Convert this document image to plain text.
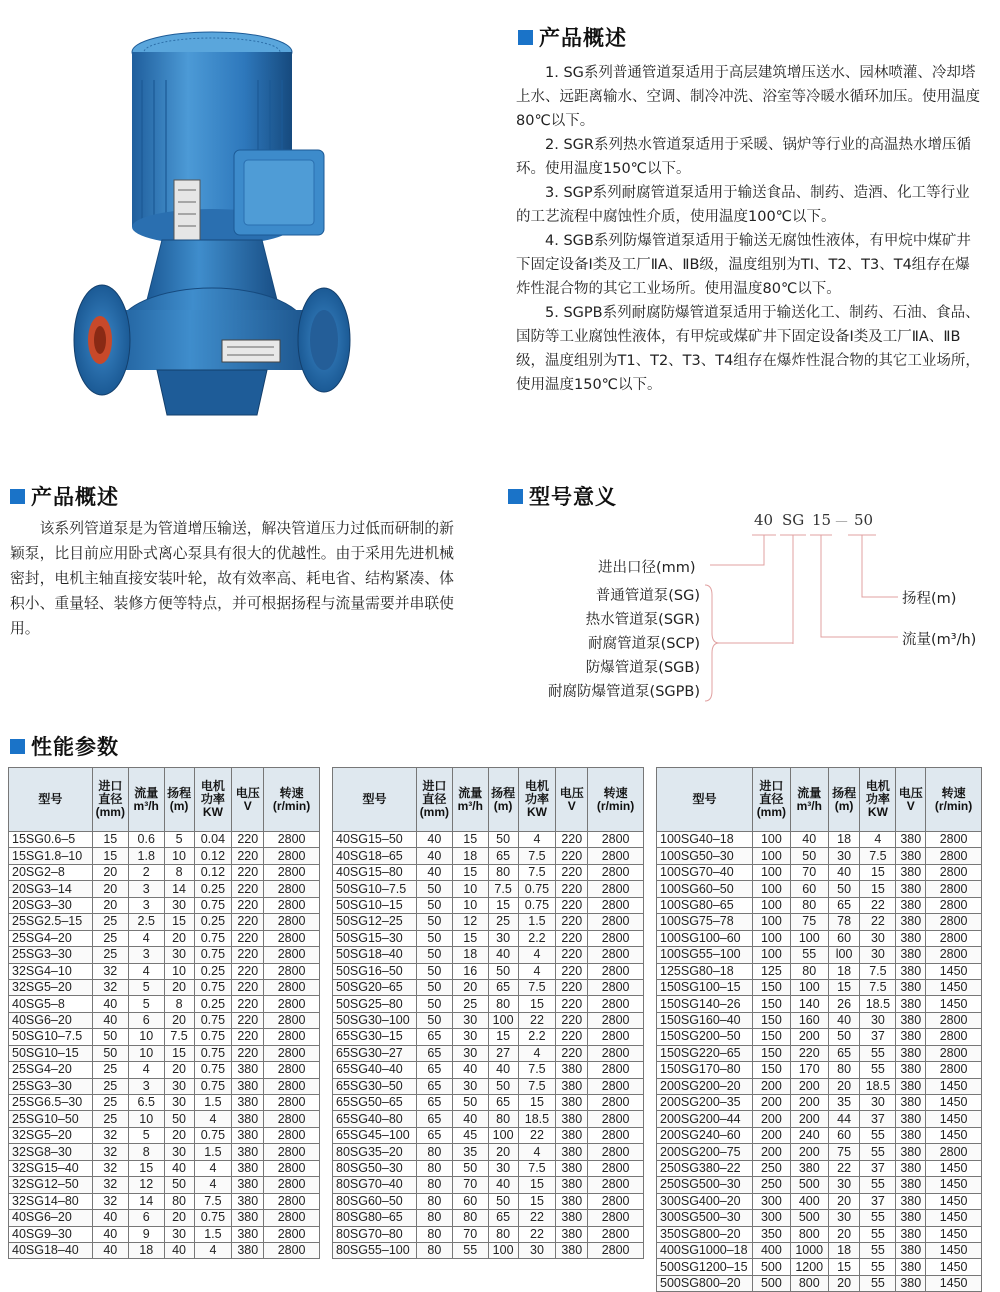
产品概述

1. SG系列普通管道泵适用于高层建筑增压送水、园林喷灌、冷却塔上水、远距离输水、空调、制冷冲洗、浴室等冷暖水循环加压。使用温度80℃以下。

2. SGR系列热水管道泵适用于采暖、锅炉等行业的高温热水增压循环。使用温度150℃以下。

3. SGP系列耐腐管道泵适用于输送食品、制药、造酒、化工等行业的工艺流程中腐蚀性介质，使用温度100℃以下。

4. SGB系列防爆管道泵适用于输送无腐蚀性液体，有甲烷中煤矿井下固定设备Ⅰ类及工厂ⅡA、ⅡB级，温度组别为TⅠ、T2、T3、T4组存在爆炸性混合物的其它工业场所。使用温度80℃以下。

5. SGPB系列耐腐防爆管道泵适用于输送化工、制药、石油、食品、国防等工业腐蚀性液体，有甲烷或煤矿井下固定设备Ⅰ类及工厂ⅡA、ⅡB级，温度组别为T1、T2、T3、T4组存在爆炸性混合物的其它工业场所，使用温度150℃以下。

产品概述

该系列管道泵是为管道增压输送，解决管道压力过低而研制的新颖泵，比目前应用卧式离心泵具有很大的优越性。由于采用先进机械密封，电机主轴直接安装叶轮，故有效率高、耗电省、结构紧凑、体积小、重量轻、装修方便等特点，并可根据扬程与流量需要并串联使用。

型号意义
40 SG 15 － 50
进出口径(mm)
普通管道泵(SG)
热水管道泵(SGR)
耐腐管道泵(SCP)
防爆管道泵(SGB)
耐腐防爆管道泵(SGPB)
扬程(m)
流量(m³/h)
性能参数
型号	进口
直径
(mm)	流量
m³/h	扬程
(m)	电机
功率
KW	电压
V	转速
(r/min)
15SG0.6–5	15	0.6	5	0.04	220	2800
15SG1.8–10	15	1.8	10	0.12	220	2800
20SG2–8	20	2	8	0.12	220	2800
20SG3–14	20	3	14	0.25	220	2800
20SG3–30	20	3	30	0.75	220	2800
25SG2.5–15	25	2.5	15	0.25	220	2800
25SG4–20	25	4	20	0.75	220	2800
25SG3–30	25	3	30	0.75	220	2800
32SG4–10	32	4	10	0.25	220	2800
32SG5–20	32	5	20	0.75	220	2800
40SG5–8	40	5	8	0.25	220	2800
40SG6–20	40	6	20	0.75	220	2800
50SG10–7.5	50	10	7.5	0.75	220	2800
50SG10–15	50	10	15	0.75	220	2800
25SG4–20	25	4	20	0.75	380	2800
25SG3–30	25	3	30	0.75	380	2800
25SG6.5–30	25	6.5	30	1.5	380	2800
25SG10–50	25	10	50	4	380	2800
32SG5–20	32	5	20	0.75	380	2800
32SG8–30	32	8	30	1.5	380	2800
32SG15–40	32	15	40	4	380	2800
32SG12–50	32	12	50	4	380	2800
32SG14–80	32	14	80	7.5	380	2800
40SG6–20	40	6	20	0.75	380	2800
40SG9–30	40	9	30	1.5	380	2800
40SG18–40	40	18	40	4	380	2800
型号	进口
直径
(mm)	流量
m³/h	扬程
(m)	电机
功率
KW	电压
V	转速
(r/min)
40SG15–50	40	15	50	4	220	2800
40SG18–65	40	18	65	7.5	220	2800
40SG15–80	40	15	80	7.5	220	2800
50SG10–7.5	50	10	7.5	0.75	220	2800
50SG10–15	50	10	15	0.75	220	2800
50SG12–25	50	12	25	1.5	220	2800
50SG15–30	50	15	30	2.2	220	2800
50SG18–40	50	18	40	4	220	2800
50SG16–50	50	16	50	4	220	2800
50SG20–65	50	20	65	7.5	220	2800
50SG25–80	50	25	80	15	220	2800
50SG30–100	50	30	100	22	220	2800
65SG30–15	65	30	15	2.2	220	2800
65SG30–27	65	30	27	4	220	2800
65SG40–40	65	40	40	7.5	380	2800
65SG30–50	65	30	50	7.5	380	2800
65SG50–65	65	50	65	15	380	2800
65SG40–80	65	40	80	18.5	380	2800
65SG45–100	65	45	100	22	380	2800
80SG35–20	80	35	20	4	380	2800
80SG50–30	80	50	30	7.5	380	2800
80SG70–40	80	70	40	15	380	2800
80SG60–50	80	60	50	15	380	2800
80SG80–65	80	80	65	22	380	2800
80SG70–80	80	70	80	22	380	2800
80SG55–100	80	55	100	30	380	2800
型号	进口
直径
(mm)	流量
m³/h	扬程
(m)	电机
功率
KW	电压
V	转速
(r/min)
100SG40–18	100	40	18	4	380	2800
100SG50–30	100	50	30	7.5	380	2800
100SG70–40	100	70	40	15	380	2800
100SG60–50	100	60	50	15	380	2800
100SG80–65	100	80	65	22	380	2800
100SG75–78	100	75	78	22	380	2800
100SG100–60	100	100	60	30	380	2800
100SG55–100	100	55	l00	30	380	2800
125SG80–18	125	80	18	7.5	380	1450
150SG100–15	150	100	15	7.5	380	1450
150SG140–26	150	140	26	18.5	380	1450
150SG160–40	150	160	40	30	380	2800
150SG200–50	150	200	50	37	380	2800
150SG220–65	150	220	65	55	380	2800
150SG170–80	150	170	80	55	380	2800
200SG200–20	200	200	20	18.5	380	1450
200SG200–35	200	200	35	30	380	1450
200SG200–44	200	200	44	37	380	1450
200SG240–60	200	240	60	55	380	1450
200SG200–75	200	200	75	55	380	2800
250SG380–22	250	380	22	37	380	1450
250SG500–30	250	500	30	55	380	1450
300SG400–20	300	400	20	37	380	1450
300SG500–30	300	500	30	55	380	1450
350SG800–20	350	800	20	55	380	1450
400SG1000–18	400	1000	18	55	380	1450
500SG1200–15	500	1200	15	55	380	1450
500SG800–20	500	800	20	55	380	1450
